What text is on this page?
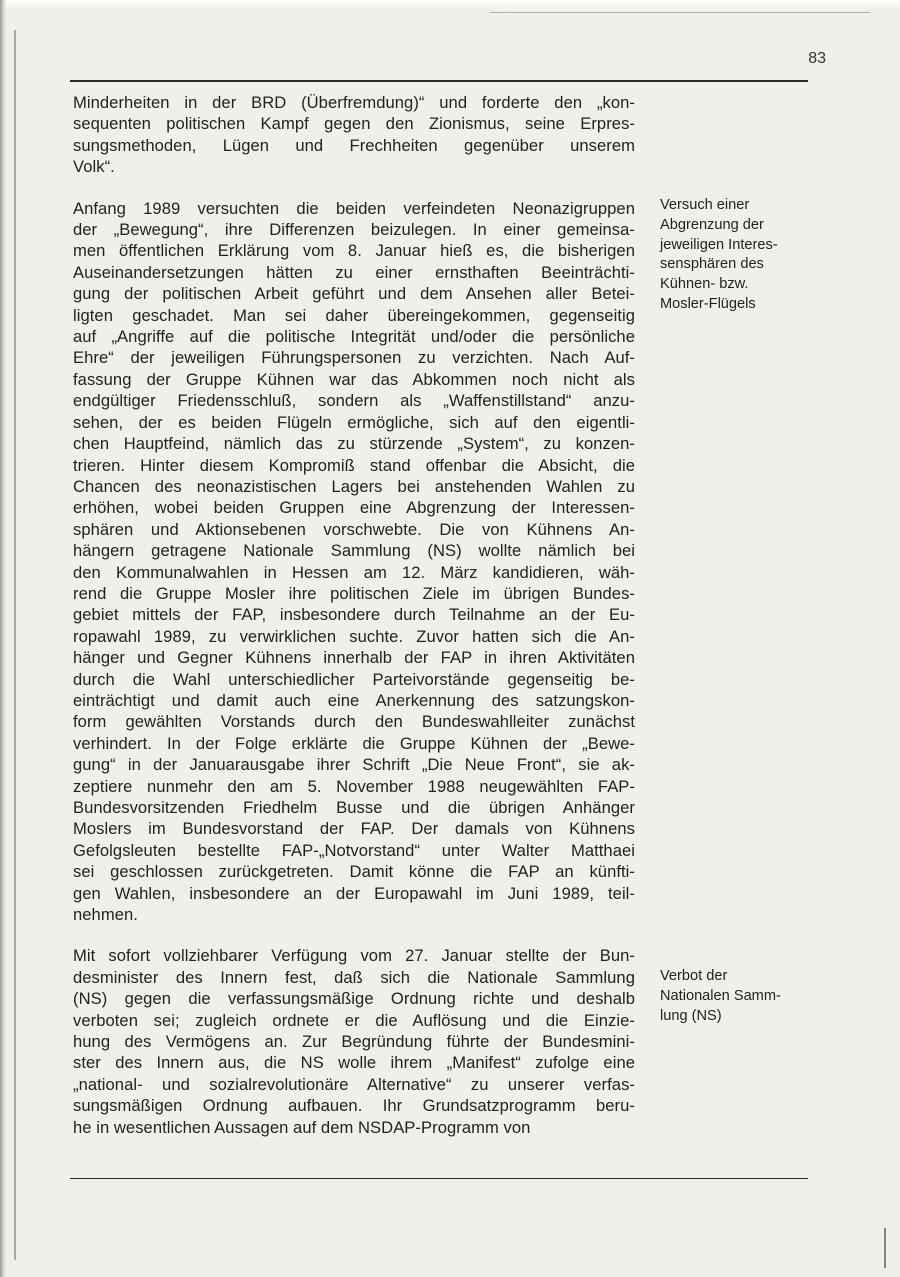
83

Minderheiten in der BRD (Überfremdung)“ und forderte den „kon-
sequenten politischen Kampf gegen den Zionismus, seine Erpres-
sungsmethoden, Lügen und Frechheiten gegenüber unserem
Volk“.

Anfang 1989 versuchten die beiden verfeindeten Neonazigruppen
der „Bewegung“, ihre Differenzen beizulegen. In einer gemeinsa-
men öffentlichen Erklärung vom 8. Januar hieß es, die bisherigen
Auseinandersetzungen hätten zu einer ernsthaften Beeinträchti-
gung der politischen Arbeit geführt und dem Ansehen aller Betei-
ligten geschadet. Man sei daher übereingekommen, gegenseitig
auf „Angriffe auf die politische Integrität und/oder die persönliche
Ehre“ der jeweiligen Führungspersonen zu verzichten. Nach Auf-
fassung der Gruppe Kühnen war das Abkommen noch nicht als
endgültiger Friedensschluß, sondern als „Waffenstillstand“ anzu-
sehen, der es beiden Flügeln ermögliche, sich auf den eigentli-
chen Hauptfeind, nämlich das zu stürzende „System“, zu konzen-
trieren. Hinter diesem Kompromiß stand offenbar die Absicht, die
Chancen des neonazistischen Lagers bei anstehenden Wahlen zu
erhöhen, wobei beiden Gruppen eine Abgrenzung der Interessen-
sphären und Aktionsebenen vorschwebte. Die von Kühnens An-
hängern getragene Nationale Sammlung (NS) wollte nämlich bei
den Kommunalwahlen in Hessen am 12. März kandidieren, wäh-
rend die Gruppe Mosler ihre politischen Ziele im übrigen Bundes-
gebiet mittels der FAP, insbesondere durch Teilnahme an der Eu-
ropawahl 1989, zu verwirklichen suchte. Zuvor hatten sich die An-
hänger und Gegner Kühnens innerhalb der FAP in ihren Aktivitäten
durch die Wahl unterschiedlicher Parteivorstände gegenseitig be-
einträchtigt und damit auch eine Anerkennung des satzungskon-
form gewählten Vorstands durch den Bundeswahlleiter zunächst
verhindert. In der Folge erklärte die Gruppe Kühnen der „Bewe-
gung“ in der Januarausgabe ihrer Schrift „Die Neue Front“, sie ak-
zeptiere nunmehr den am 5. November 1988 neugewählten FAP-
Bundesvorsitzenden Friedhelm Busse und die übrigen Anhänger
Moslers im Bundesvorstand der FAP. Der damals von Kühnens
Gefolgsleuten bestellte FAP-„Notvorstand“ unter Walter Matthaei
sei geschlossen zurückgetreten. Damit könne die FAP an künfti-
gen Wahlen, insbesondere an der Europawahl im Juni 1989, teil-
nehmen.

Mit sofort vollziehbarer Verfügung vom 27. Januar stellte der Bun-
desminister des Innern fest, daß sich die Nationale Sammlung
(NS) gegen die verfassungsmäßige Ordnung richte und deshalb
verboten sei; zugleich ordnete er die Auflösung und die Einzie-
hung des Vermögens an. Zur Begründung führte der Bundesmini-
ster des Innern aus, die NS wolle ihrem „Manifest“ zufolge eine
„national- und sozialrevolutionäre Alternative“ zu unserer verfas-
sungsmäßigen Ordnung aufbauen. Ihr Grundsatzprogramm beru-
he in wesentlichen Aussagen auf dem NSDAP-Programm von

Versuch einer
Abgrenzung der
jeweiligen Interes-
sensphären des
Kühnen- bzw.
Mosler-Flügels
Verbot der
Nationalen Samm-
lung (NS)
